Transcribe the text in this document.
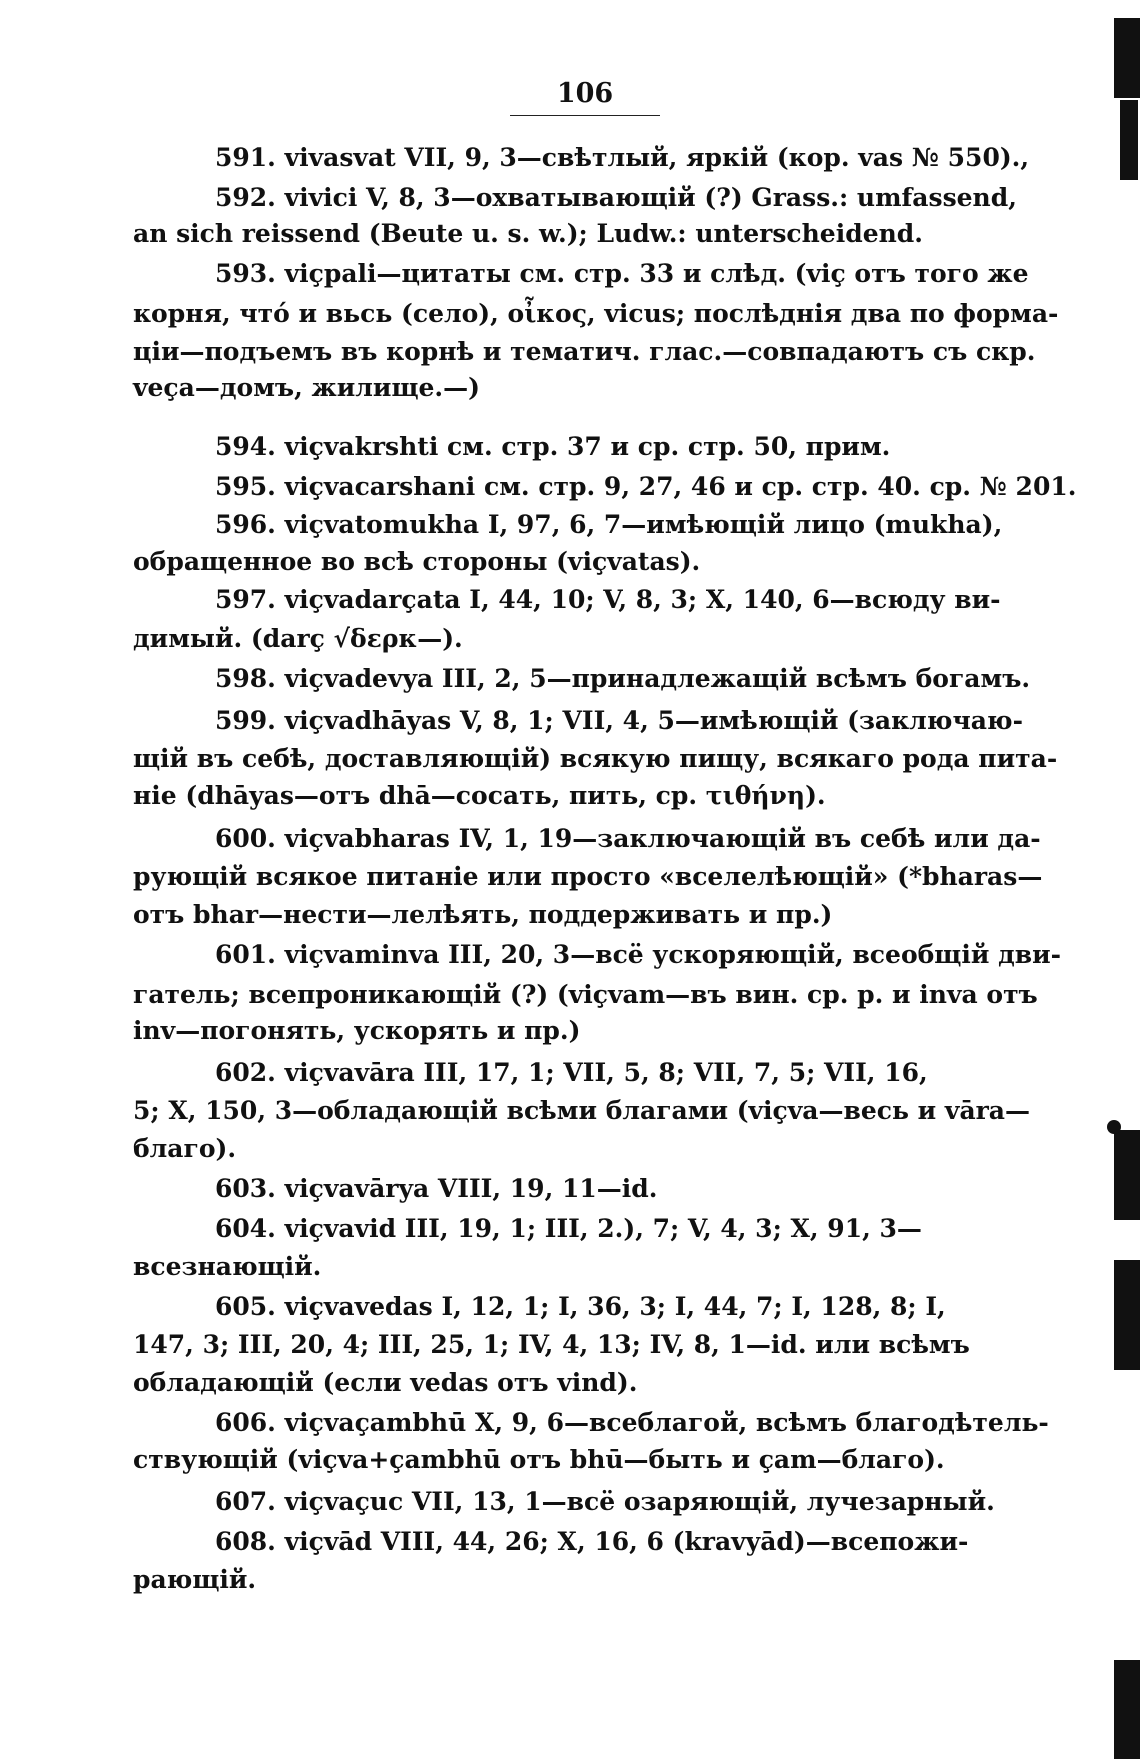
106

591. vivasvat VII, 9, 3—свѣтлый, яркій (кор. vas № 550).,

592. vivici V, 8, 3—охватывающій (?) Grass.: umfassend,

an sich reissend (Beute u. s. w.); Ludw.: unterscheidend.

593. viçpali—цитаты см. стр. 33 и слѣд. (viç отъ того же

корня, что́ и вьсь (село), οἶκος, vicus; послѣднія два по форма-

ціи—подъемъ въ корнѣ и тематич. глас.—совпадаютъ съ скр.

veça—домъ, жилище.—)

594. viçvakrshti см. стр. 37 и ср. стр. 50, прим.

595. viçvacarshani см. стр. 9, 27, 46 и ср. стр. 40. ср. № 201.

596. viçvatomukha I, 97, 6, 7—имѣющій лицо (mukha),

обращенное во всѣ стороны (viçvatas).

597. viçvadarçata I, 44, 10; V, 8, 3; X, 140, 6—всюду ви-

димый. (darç √δερκ—).

598. viçvadevya III, 2, 5—принадлежащій всѣмъ богамъ.

599. viçvadhāyas V, 8, 1; VII, 4, 5—имѣющій (заключаю-

щій въ себѣ, доставляющій) всякую пищу, всякаго рода пита-

ніе (dhāyas—отъ dhā—сосать, пить, ср. τιθήνη).

600. viçvabharas IV, 1, 19—заключающій въ себѣ или да-

рующій всякое питаніе или просто «вселелѣющій» (*bharas—

отъ bhar—нести—лелѣять, поддерживать и пр.)

601. viçvaminva III, 20, 3—всё ускоряющій, всеобщій дви-

гатель; всепроникающій (?) (viçvam—въ вин. ср. р. и inva отъ

inv—погонять, ускорять и пр.)

602. viçvavāra III, 17, 1; VII, 5, 8; VII, 7, 5; VII, 16,

5; X, 150, 3—обладающій всѣми благами (viçva—весь и vāra—

благо).

603. viçvavārya VIII, 19, 11—id.

604. viçvavid III, 19, 1; III, 2.), 7; V, 4, 3; X, 91, 3—

всезнающій.

605. viçvavedas I, 12, 1; I, 36, 3; I, 44, 7; I, 128, 8; I,

147, 3; III, 20, 4; III, 25, 1; IV, 4, 13; IV, 8, 1—id. или всѣмъ

обладающій (если vedas отъ vind).

606. viçvaçambhū X, 9, 6—всеблагой, всѣмъ благодѣтель-

ствующій (viçva+çambhū отъ bhū—быть и çam—благо).

607. viçvaçuc VII, 13, 1—всё озаряющій, лучезарный.

608. viçvād VIII, 44, 26; X, 16, 6 (kravyād)—всепожи-

рающій.
